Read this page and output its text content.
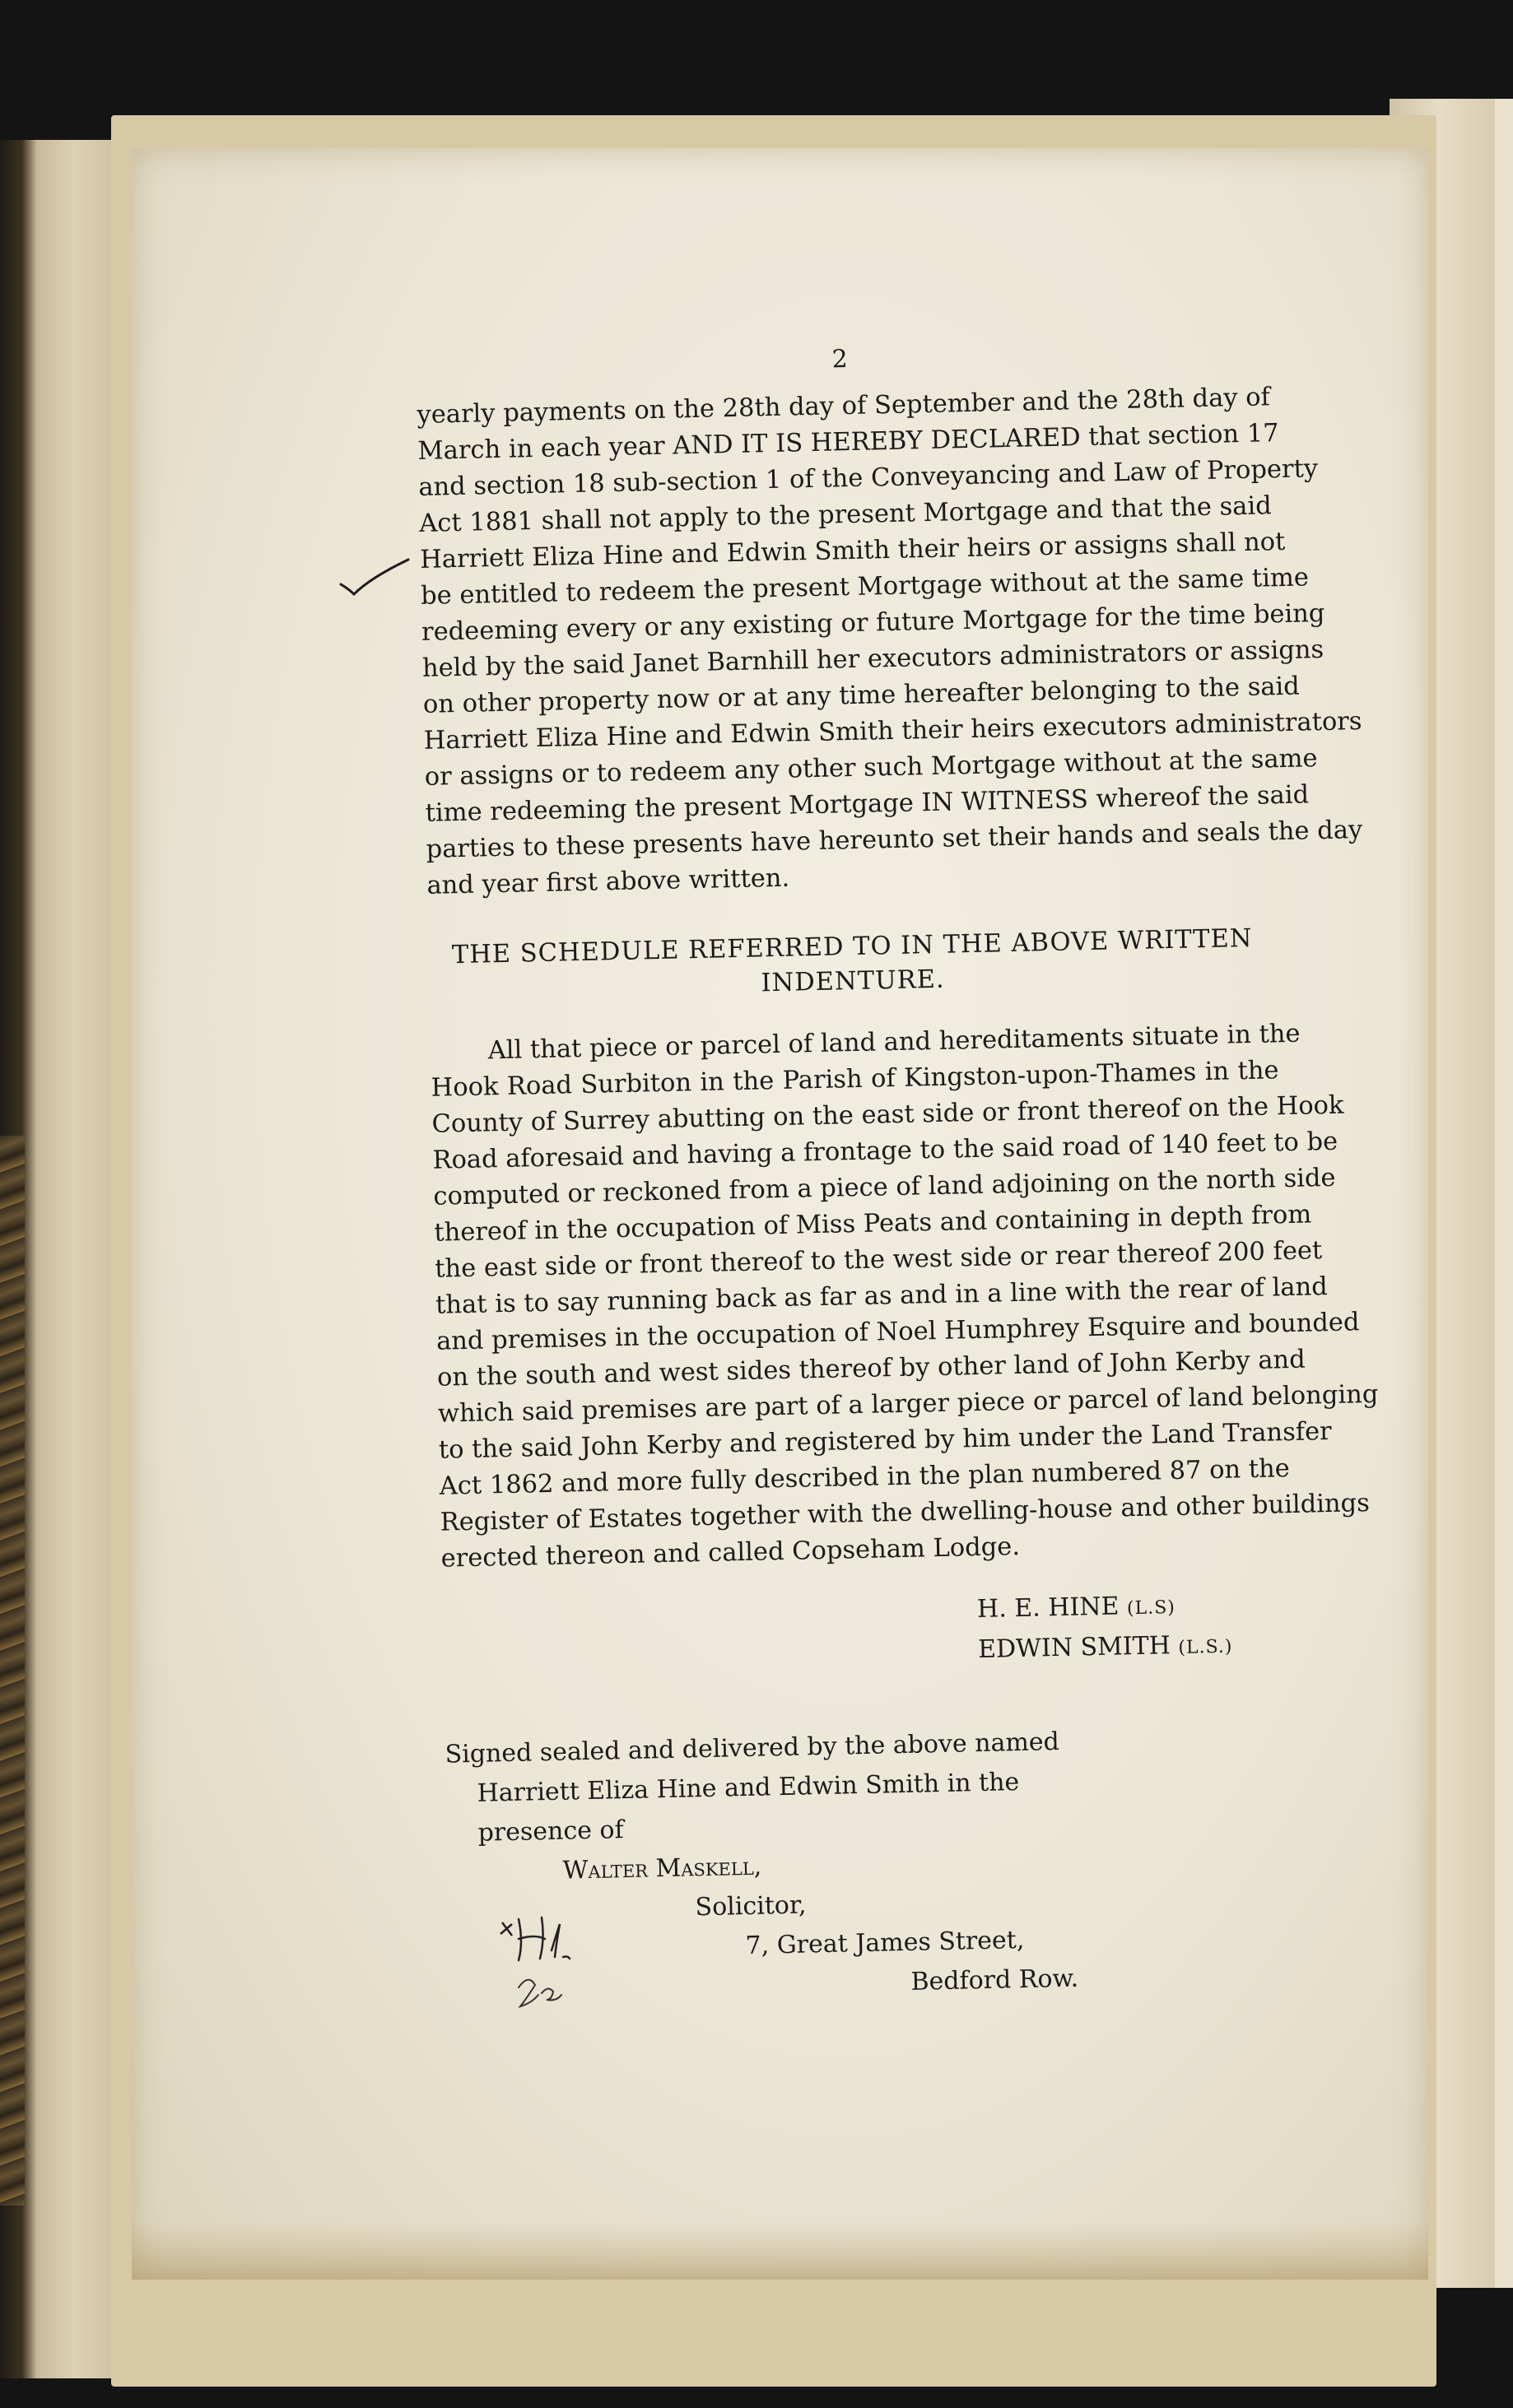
2
yearly payments on the 28th day of September and the 28th day of
March in each year AND IT IS HEREBY DECLARED that section 17
and section 18 sub-section 1 of the Conveyancing and Law of Property
Act 1881 shall not apply to the present Mortgage and that the said
Harriett Eliza Hine and Edwin Smith their heirs or assigns shall not
be entitled to redeem the present Mortgage without at the same time
redeeming every or any existing or future Mortgage for the time being
held by the said Janet Barnhill her executors administrators or assigns
on other property now or at any time hereafter belonging to the said
Harriett Eliza Hine and Edwin Smith their heirs executors administrators
or assigns or to redeem any other such Mortgage without at the same
time redeeming the present Mortgage IN WITNESS whereof the said
parties to these presents have hereunto set their hands and seals the day
and year first above written.
THE SCHEDULE REFERRED TO IN THE ABOVE WRITTEN
INDENTURE.
All that piece or parcel of land and hereditaments situate in the
Hook Road Surbiton in the Parish of Kingston-upon-Thames in the
County of Surrey abutting on the east side or front thereof on the Hook
Road aforesaid and having a frontage to the said road of 140 feet to be
computed or reckoned from a piece of land adjoining on the north side
thereof in the occupation of Miss Peats and containing in depth from
the east side or front thereof to the west side or rear thereof 200 feet
that is to say running back as far as and in a line with the rear of land
and premises in the occupation of Noel Humphrey Esquire and bounded
on the south and west sides thereof by other land of John Kerby and
which said premises are part of a larger piece or parcel of land belonging
to the said John Kerby and registered by him under the Land Transfer
Act 1862 and more fully described in the plan numbered 87 on the
Register of Estates together with the dwelling-house and other buildings
erected thereon and called Copseham Lodge.
H. E. HINE (L.S)
EDWIN SMITH (L.S.)
Signed sealed and delivered by the above named
Harriett Eliza Hine and Edwin Smith in the
presence of
Walter Maskell,
Solicitor,
7, Great James Street,
Bedford Row.
